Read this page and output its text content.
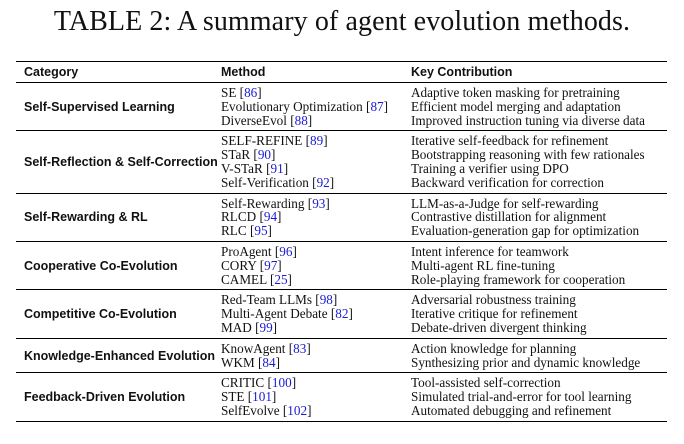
TABLE 2: A summary of agent evolution methods.
Category	Method	Key Contribution
Self-Supervised Learning
SE [86]
Evolutionary Optimization [87]
DiverseEvol [88]
Adaptive token masking for pretraining
Efficient model merging and adaptation
Improved instruction tuning via diverse data
Self-Reflection & Self-Correction
SELF-REFINE [89]
STaR [90]
V-STaR [91]
Self-Verification [92]
Iterative self-feedback for refinement
Bootstrapping reasoning with few rationales
Training a verifier using DPO
Backward verification for correction
Self-Rewarding & RL
Self-Rewarding [93]
RLCD [94]
RLC [95]
LLM-as-a-Judge for self-rewarding
Contrastive distillation for alignment
Evaluation-generation gap for optimization
Cooperative Co-Evolution
ProAgent [96]
CORY [97]
CAMEL [25]
Intent inference for teamwork
Multi-agent RL fine-tuning
Role-playing framework for cooperation
Competitive Co-Evolution
Red-Team LLMs [98]
Multi-Agent Debate [82]
MAD [99]
Adversarial robustness training
Iterative critique for refinement
Debate-driven divergent thinking
Knowledge-Enhanced Evolution KnowAgent [83]
WKM [84]
Action knowledge for planning
Synthesizing prior and dynamic knowledge
Feedback-Driven Evolution
CRITIC [100]
STE [101]
SelfEvolve [102]
Tool-assisted self-correction
Simulated trial-and-error for tool learning
Automated debugging and refinement
